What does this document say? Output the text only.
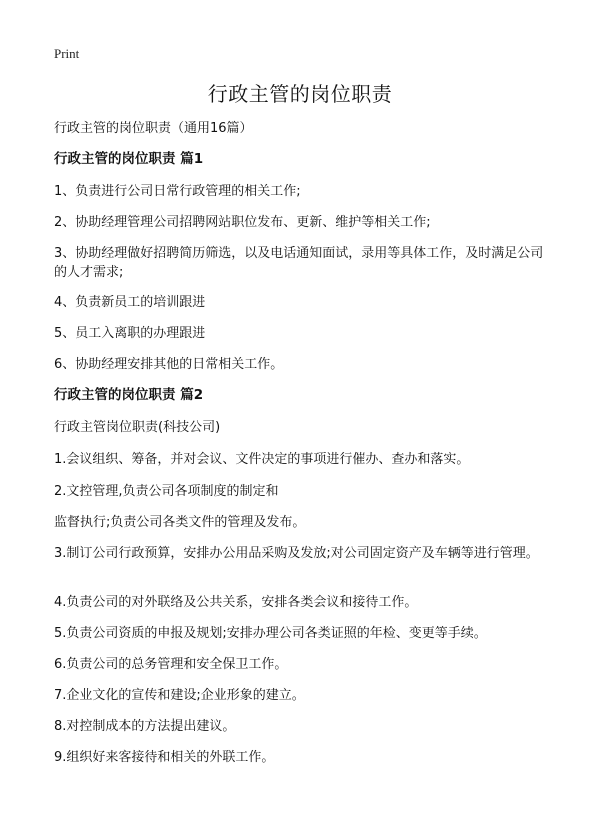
Print
行政主管的岗位职责

行政主管的岗位职责（通用16篇）

行政主管的岗位职责 篇1

1、负责进行公司日常行政管理的相关工作;

2、协助经理管理公司招聘网站职位发布、更新、维护等相关工作;

3、协助经理做好招聘简历筛选，以及电话通知面试，录用等具体工作，及时满足公司的人才需求;

4、负责新员工的培训跟进

5、员工入离职的办理跟进

6、协助经理安排其他的日常相关工作。

行政主管的岗位职责 篇2

行政主管岗位职责(科技公司)

1.会议组织、筹备，并对会议、文件决定的事项进行催办、查办和落实。

2.文控管理,负责公司各项制度的制定和

监督执行;负责公司各类文件的管理及发布。

3.制订公司行政预算，安排办公用品采购及发放;对公司固定资产及车辆等进行管理。

4.负责公司的对外联络及公共关系，安排各类会议和接待工作。

5.负责公司资质的申报及规划;安排办理公司各类证照的年检、变更等手续。

6.负责公司的总务管理和安全保卫工作。

7.企业文化的宣传和建设;企业形象的建立。

8.对控制成本的方法提出建议。

9.组织好来客接待和相关的外联工作。
